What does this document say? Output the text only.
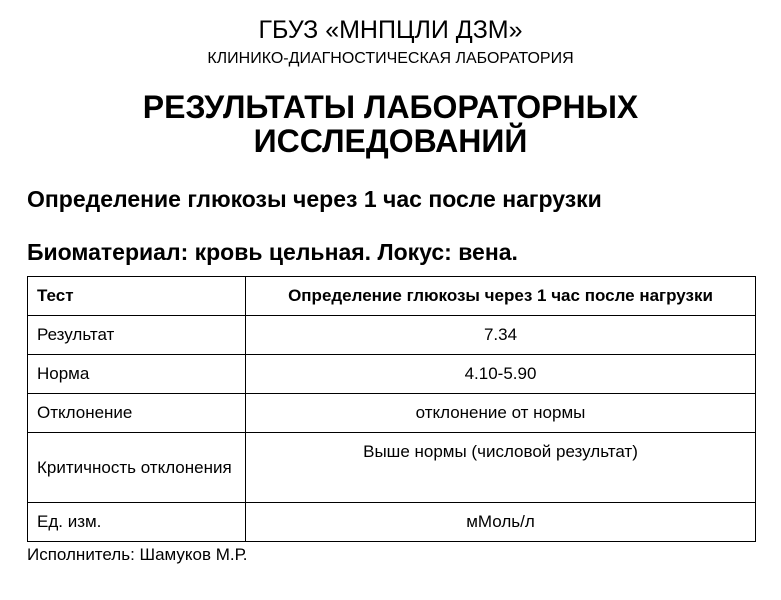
ГБУЗ «МНПЦЛИ ДЗМ»
КЛИНИКО-ДИАГНОСТИЧЕСКАЯ ЛАБОРАТОРИЯ
РЕЗУЛЬТАТЫ ЛАБОРАТОРНЫХ
ИССЛЕДОВАНИЙ
Определение глюкозы через 1 час после нагрузки
Биоматериал: кровь цельная. Локус: вена.
Тест	Определение глюкозы через 1 час после нагрузки
Результат	7.34
Норма	4.10-5.90
Отклонение	отклонение от нормы
Критичность отклонения	Выше нормы (числовой результат)
Ед. изм.	мМоль/л
Исполнитель: Шамуков М.Р.
